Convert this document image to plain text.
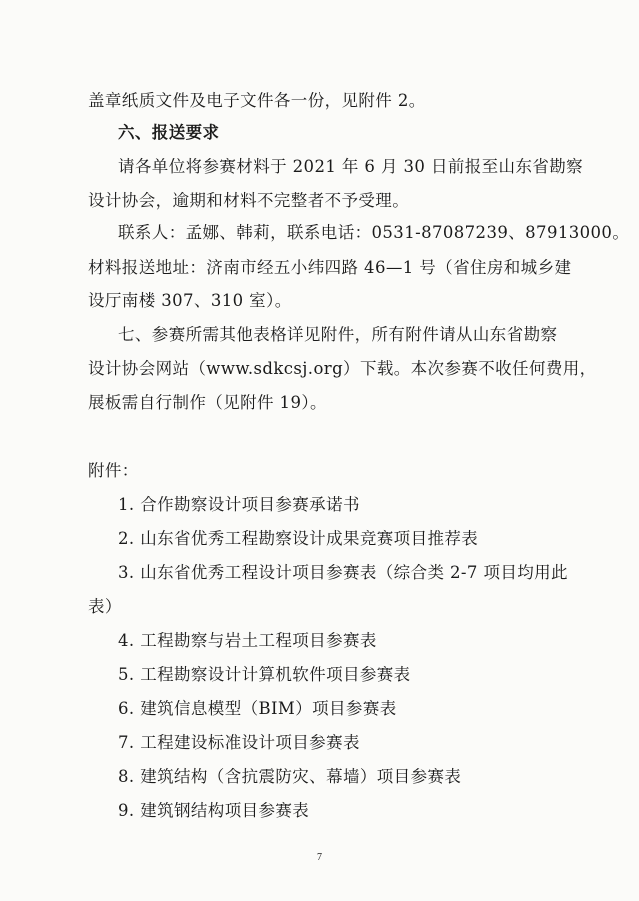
盖章纸质文件及电子文件各一份，见附件 2。
六、报送要求
请各单位将参赛材料于 2021 年 6 月 30 日前报至山东省勘察
设计协会，逾期和材料不完整者不予受理。
联系人：孟娜、韩莉，联系电话：0531-87087239、87913000。
材料报送地址：济南市经五小纬四路 46—1 号（省住房和城乡建
设厅南楼 307、310 室）。
七、参赛所需其他表格详见附件，所有附件请从山东省勘察
设计协会网站（www.sdkcsj.org）下载。本次参赛不收任何费用，
展板需自行制作（见附件 19）。
附件：
1. 合作勘察设计项目参赛承诺书
2. 山东省优秀工程勘察设计成果竞赛项目推荐表
3. 山东省优秀工程设计项目参赛表（综合类 2-7 项目均用此
表）
4. 工程勘察与岩土工程项目参赛表
5. 工程勘察设计计算机软件项目参赛表
6. 建筑信息模型（BIM）项目参赛表
7. 工程建设标准设计项目参赛表
8. 建筑结构（含抗震防灾、幕墙）项目参赛表
9. 建筑钢结构项目参赛表
7
